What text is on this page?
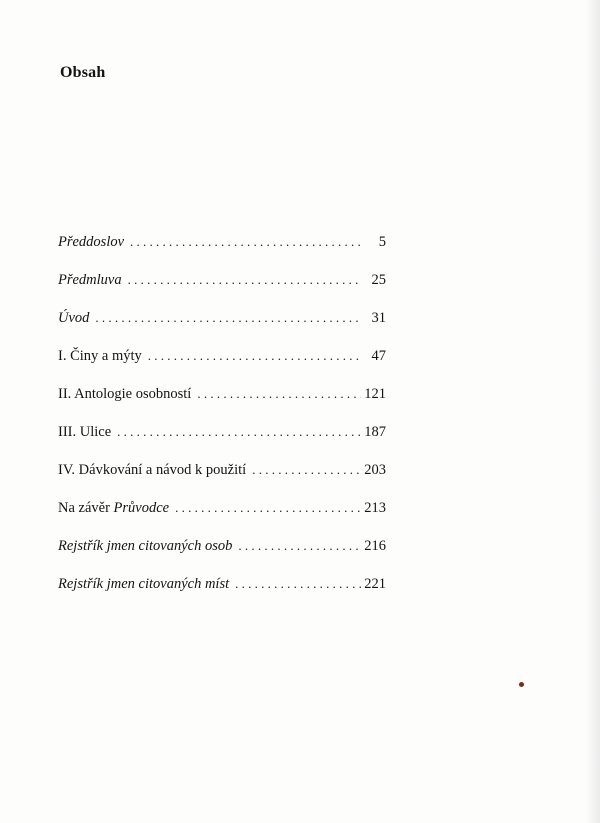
Obsah
Předdoslov . . .	5
Předmluva . . .	25
Úvod . . .	31
I. Činy a mýty . . .	47
II. Antologie osobností . . .	121
III. Ulice . . .	187
IV. Dávkování a návod k použití . . .	203
Na závěr Průvodce . . .	213
Rejstřík jmen citovaných osob . . .	216
Rejstřík jmen citovaných míst . . .	221
